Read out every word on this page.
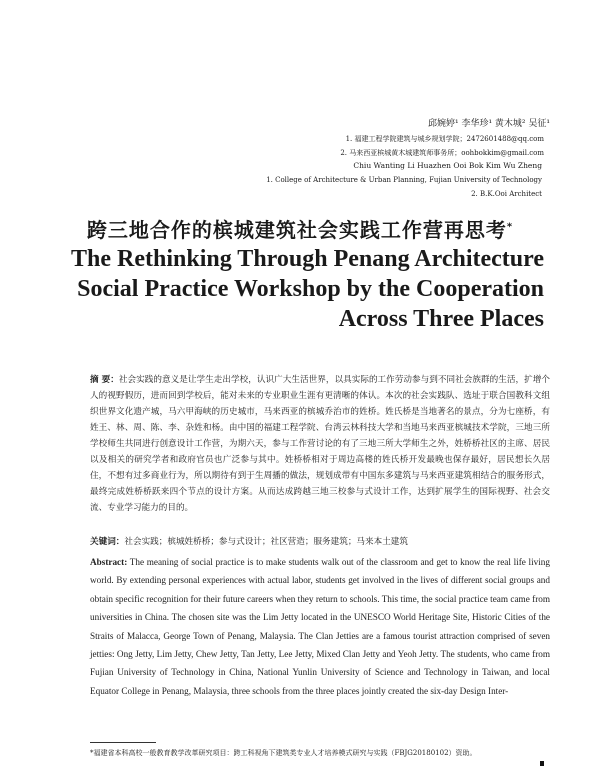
邱婉婷¹ 李华珍¹ 黄木城² 吴征¹
1. 福建工程学院建筑与城乡规划学院；2472601488@qq.com
2. 马来西亚槟城黄木城建筑师事务所；oohbokkim@gmail.com
Chiu Wanting Li Huazhen Ooi Bok Kim Wu Zheng
1. College of Architecture & Urban Planning, Fujian University of Technology
2. B.K.Ooi Architect
跨三地合作的槟城建筑社会实践工作营再思考*
The Rethinking Through Penang Architecture Social Practice Workshop by the Cooperation Across Three Places
摘 要：社会实践的意义是让学生走出学校，认识广大生活世界，以具实际的工作劳动参与到不同社会族群的生活，扩增个人的视野假历，进而回到学校后，能对未来的专业职业生涯有更清晰的体认。本次的社会实践队、选址于联合国教科文组织世界文化遗产城，马六甲海峡的历史城市，马来西亚的槟城乔治市的姓桥。姓氏桥是当地著名的景点，分为七座桥，有姓王、林、周、陈、李、杂姓和杨。由中国的福建工程学院、台湾云林科技大学和当地马来西亚槟城技术学院，三地三所学校师生共同进行创意设计工作营，为期六天，参与工作营讨论的有了三地三所大学师生之外，姓桥桥社区的主席、居民以及相关的研究学者和政府官员也广泛参与其中。姓桥桥相对于周边高楼的姓氏桥开发最晚也保存最好，居民想长久居住，不想有过多商业行为，所以期待有到于生周播的做法，规划成带有中国东多建筑与马来西亚建筑相结合的服务形式，最终完成姓桥桥跃来四个节点的设计方案。从而达成跨越三地三校参与式设计工作，达到扩展学生的国际视野、社会交流、专业学习能力的目的。
关键词：社会实践；槟城姓桥桥；参与式设计；社区营造；服务建筑；马来本土建筑
Abstract: The meaning of social practice is to make students walk out of the classroom and get to know the real life living world. By extending personal experiences with actual labor, students get involved in the lives of different social groups and obtain specific recognition for their future careers when they return to schools. This time, the social practice team came from universities in China. The chosen site was the Lim Jetty located in the UNESCO World Heritage Site, Historic Cities of the Straits of Malacca, George Town of Penang, Malaysia. The Clan Jetties are a famous tourist attraction comprised of seven jetties: Ong Jetty, Lim Jetty, Chew Jetty, Tan Jetty, Lee Jetty, Mixed Clan Jetty and Yeoh Jetty. The students, who came from Fujian University of Technology in China, National Yunlin University of Science and Technology in Taiwan, and local Equator College in Penang, Malaysia, three schools from the three places jointly created the six-day Design Inter-
*福建省本科高校一般教育教学改革研究项目：跨工科视角下建筑类专业人才培养模式研究与实践（FBJG20180102）资助。
